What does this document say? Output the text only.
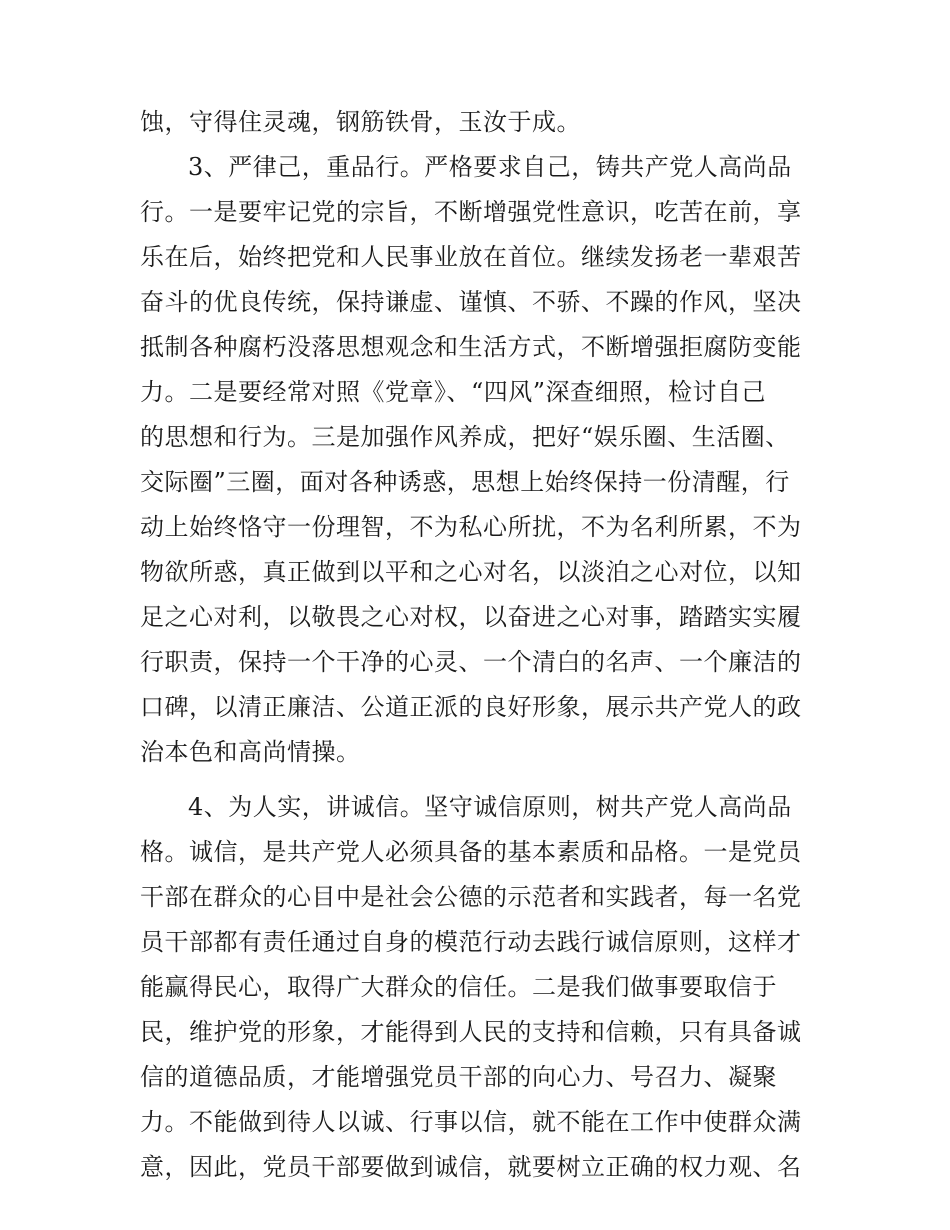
蚀，守得住灵魂，钢筋铁骨，玉汝于成。
3、严律己，重品行。严格要求自己，铸共产党人高尚品
行。一是要牢记党的宗旨，不断增强党性意识，吃苦在前，享
乐在后，始终把党和人民事业放在首位。继续发扬老一辈艰苦
奋斗的优良传统，保持谦虚、谨慎、不骄、不躁的作风，坚决
抵制各种腐朽没落思想观念和生活方式，不断增强拒腐防变能
力。二是要经常对照《党章》、“四风”深查细照，检讨自己
的思想和行为。三是加强作风养成，把好“娱乐圈、生活圈、
交际圈”三圈，面对各种诱惑，思想上始终保持一份清醒，行
动上始终恪守一份理智，不为私心所扰，不为名利所累，不为
物欲所惑，真正做到以平和之心对名，以淡泊之心对位，以知
足之心对利，以敬畏之心对权，以奋进之心对事，踏踏实实履
行职责，保持一个干净的心灵、一个清白的名声、一个廉洁的
口碑，以清正廉洁、公道正派的良好形象，展示共产党人的政
治本色和高尚情操。
4、为人实，讲诚信。坚守诚信原则，树共产党人高尚品
格。诚信，是共产党人必须具备的基本素质和品格。一是党员
干部在群众的心目中是社会公德的示范者和实践者，每一名党
员干部都有责任通过自身的模范行动去践行诚信原则，这样才
能赢得民心，取得广大群众的信任。二是我们做事要取信于
民，维护党的形象，才能得到人民的支持和信赖，只有具备诚
信的道德品质，才能增强党员干部的向心力、号召力、凝聚
力。不能做到待人以诚、行事以信，就不能在工作中使群众满
意，因此，党员干部要做到诚信，就要树立正确的权力观、名
